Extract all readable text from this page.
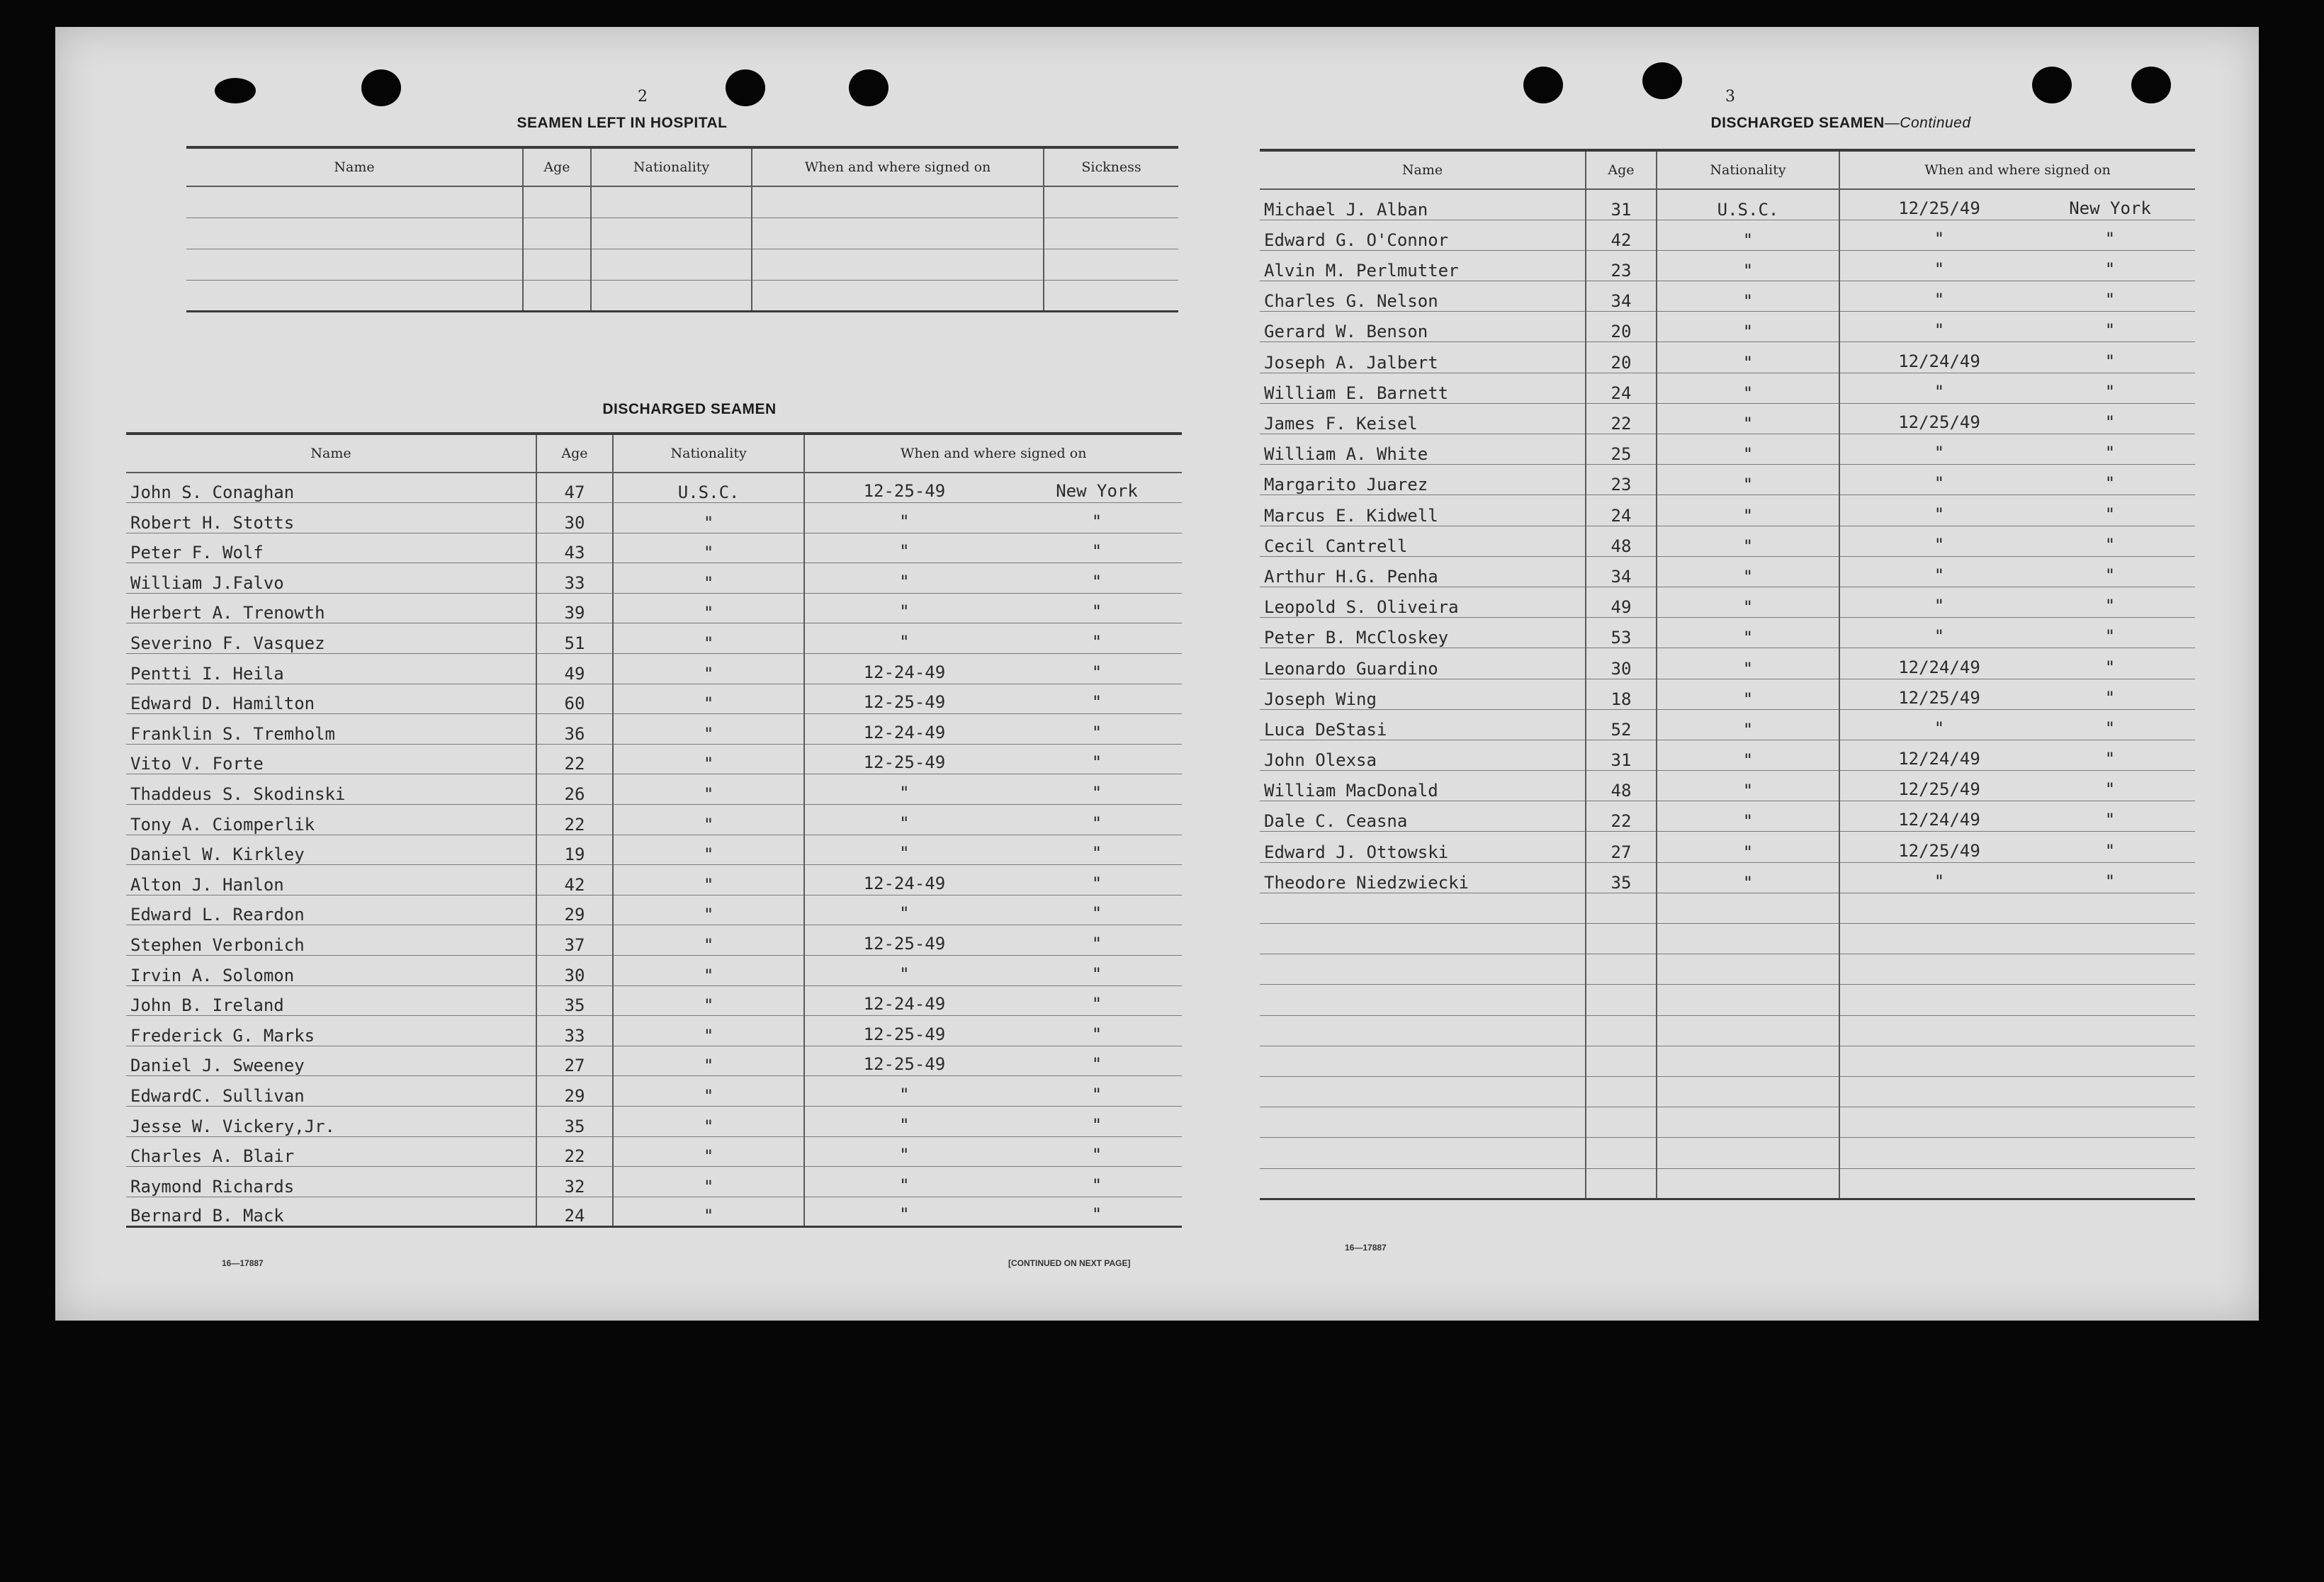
2
SEAMEN LEFT IN HOSPITAL
Name	Age	Nationality	When and where signed on	Sickness

DISCHARGED SEAMEN
Name	Age	Nationality	When and where signed on
John S. Conaghan	47	U.S.C.	12-25-49 New York

Robert H. Stotts	30	"	" "

Peter F. Wolf	43	"	" "

William J.Falvo	33	"	" "

Herbert A. Trenowth	39	"	" "

Severino F. Vasquez	51	"	" "

Pentti I. Heila	49	"	12-24-49 "

Edward D. Hamilton	60	"	12-25-49 "

Franklin S. Tremholm	36	"	12-24-49 "

Vito V. Forte	22	"	12-25-49 "

Thaddeus S. Skodinski	26	"	" "

Tony A. Ciomperlik	22	"	" "

Daniel W. Kirkley	19	"	" "

Alton J. Hanlon	42	"	12-24-49 "

Edward L. Reardon	29	"	" "

Stephen Verbonich	37	"	12-25-49 "

Irvin A. Solomon	30	"	" "

John B. Ireland	35	"	12-24-49 "

Frederick G. Marks	33	"	12-25-49 "

Daniel J. Sweeney	27	"	12-25-49 "

EdwardC. Sullivan	29	"	" "

Jesse W. Vickery,Jr.	35	"	" "

Charles A. Blair	22	"	" "

Raymond Richards	32	"	" "

Bernard B. Mack	24	"	" "
16—17887	[CONTINUED ON NEXT PAGE]
3
DISCHARGED SEAMEN—Continued
Name	Age	Nationality	When and where signed on
Michael J. Alban	31	U.S.C.	12/25/49 New York

Edward G. O'Connor	42	"	" "

Alvin M. Perlmutter	23	"	" "

Charles G. Nelson	34	"	" "

Gerard W. Benson	20	"	" "

Joseph A. Jalbert	20	"	12/24/49 "

William E. Barnett	24	"	" "

James F. Keisel	22	"	12/25/49 "

William A. White	25	"	" "

Margarito Juarez	23	"	" "

Marcus E. Kidwell	24	"	" "

Cecil Cantrell	48	"	" "

Arthur H.G. Penha	34	"	" "

Leopold S. Oliveira	49	"	" "

Peter B. McCloskey	53	"	" "

Leonardo Guardino	30	"	12/24/49 "

Joseph Wing	18	"	12/25/49 "

Luca DeStasi	52	"	" "

John Olexsa	31	"	12/24/49 "

William MacDonald	48	"	12/25/49 "

Dale C. Ceasna	22	"	12/24/49 "

Edward J. Ottowski	27	"	12/25/49 "

Theodore Niedzwiecki	35	"	" "

16—17887
